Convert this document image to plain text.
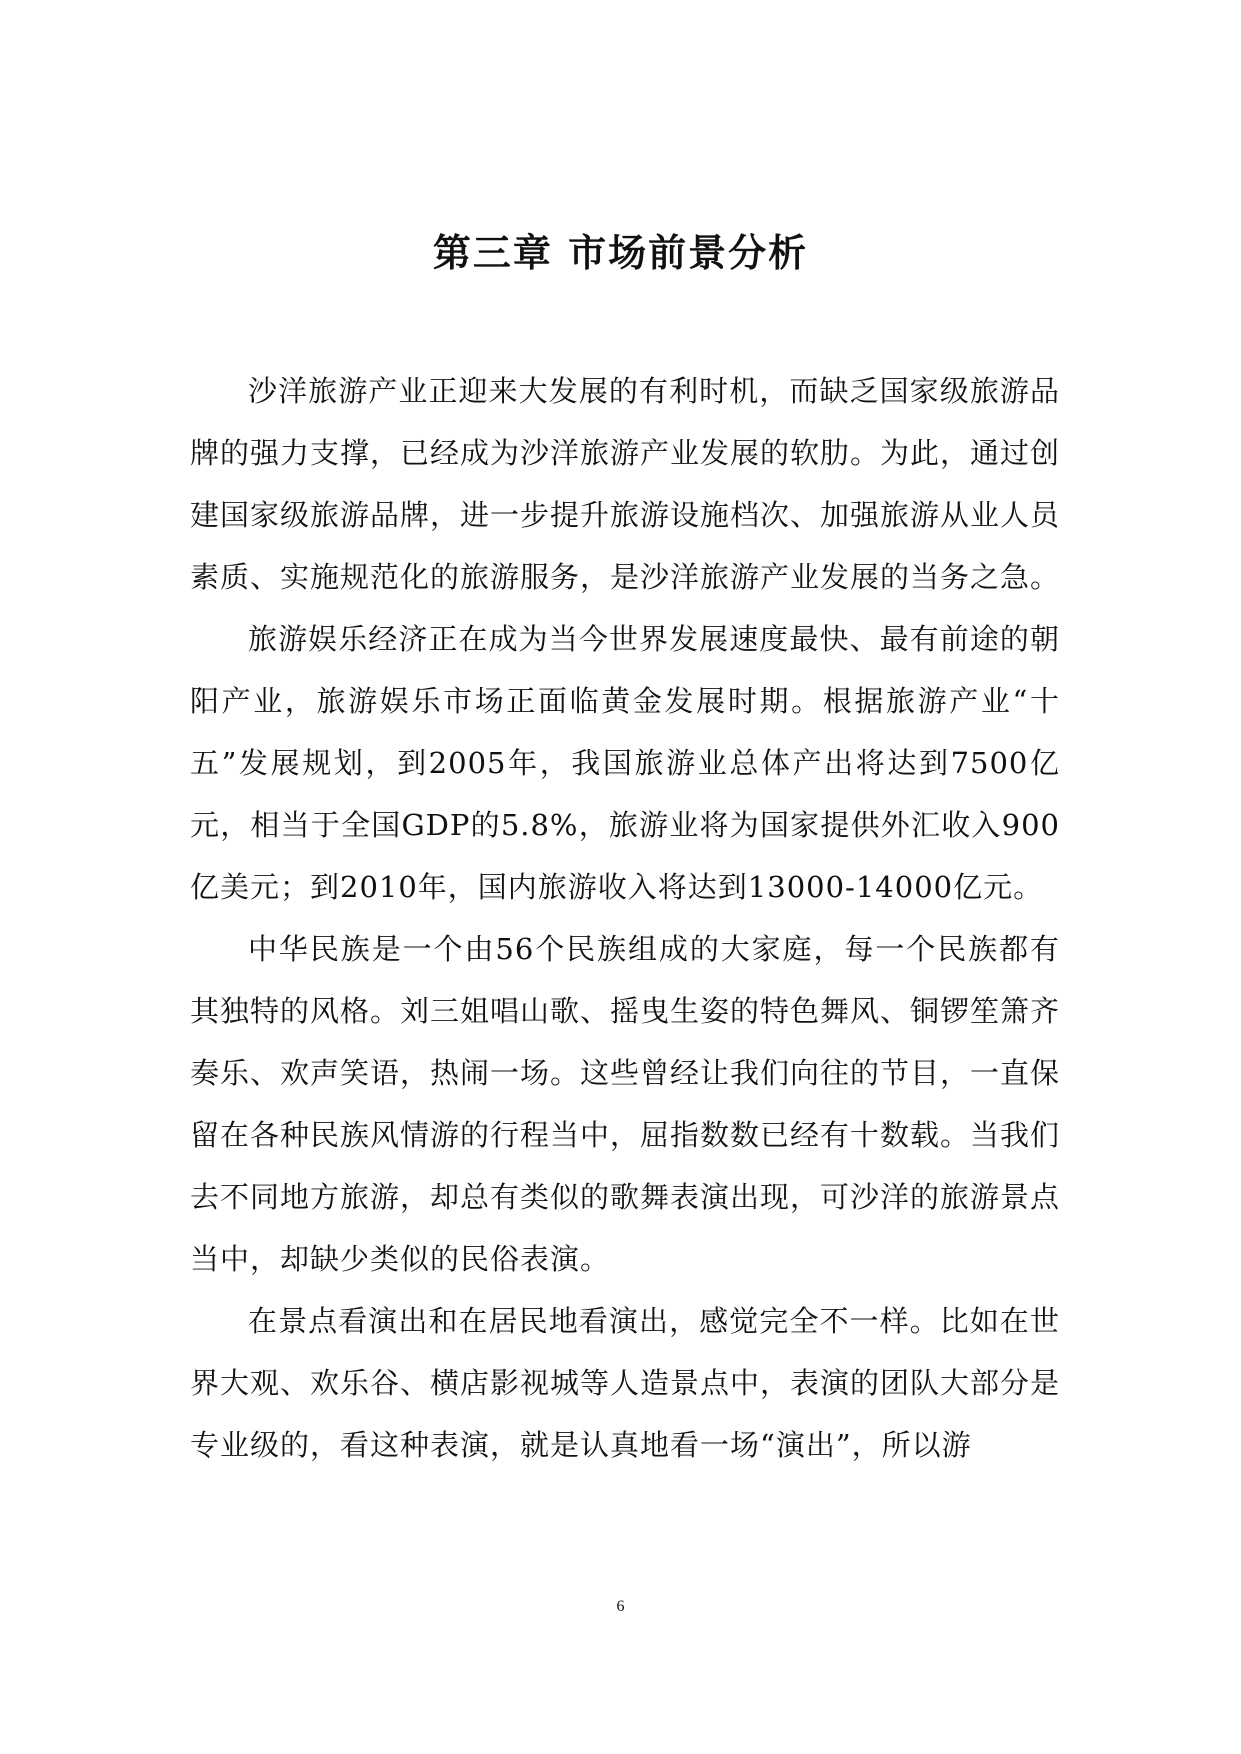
第三章 市场前景分析

沙洋旅游产业正迎来大发展的有利时机，而缺乏国家级旅游品牌的强力支撑，已经成为沙洋旅游产业发展的软肋。为此，通过创建国家级旅游品牌，进一步提升旅游设施档次、加强旅游从业人员素质、实施规范化的旅游服务，是沙洋旅游产业发展的当务之急。

旅游娱乐经济正在成为当今世界发展速度最快、最有前途的朝阳产业，旅游娱乐市场正面临黄金发展时期。根据旅游产业“十五”发展规划，到2005年，我国旅游业总体产出将达到7500亿元，相当于全国GDP的5.8%，旅游业将为国家提供外汇收入900亿美元；到2010年，国内旅游收入将达到13000-14000亿元。

中华民族是一个由56个民族组成的大家庭，每一个民族都有其独特的风格。刘三姐唱山歌、摇曳生姿的特色舞风、铜锣笙箫齐奏乐、欢声笑语，热闹一场。这些曾经让我们向往的节目，一直保留在各种民族风情游的行程当中，屈指数数已经有十数载。当我们去不同地方旅游，却总有类似的歌舞表演出现，可沙洋的旅游景点当中，却缺少类似的民俗表演。

在景点看演出和在居民地看演出，感觉完全不一样。比如在世界大观、欢乐谷、横店影视城等人造景点中，表演的团队大部分是专业级的，看这种表演，就是认真地看一场“演出”，所以游

6
